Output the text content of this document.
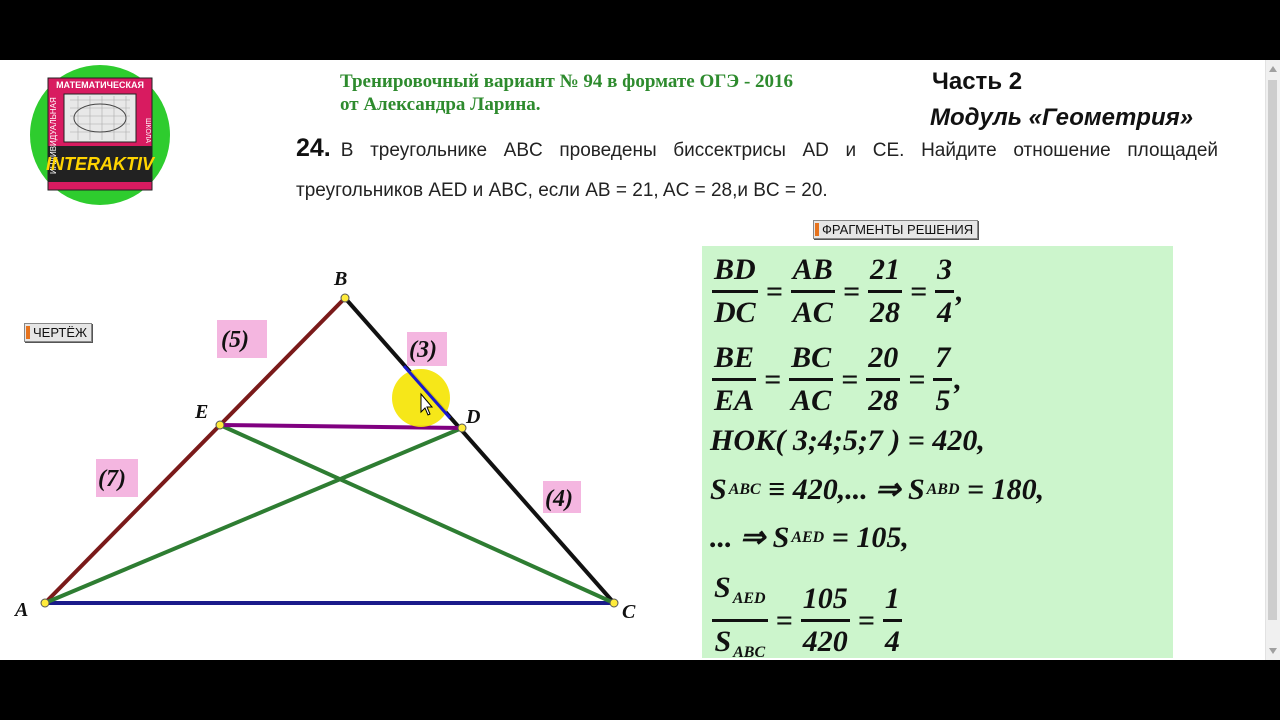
МАТЕМАТИЧЕСКАЯ
ИНДИВИДУАЛЬНАЯ	ШКОЛА
INTERAKTIV
Тренировочный вариант № 94 в формате ОГЭ - 2016
от Александра Ларина.
Часть 2
Модуль «Геометрия»
24. В треугольнике ABC проведены биссектрисы AD и CE. Найдите отношение площадей треугольников AED и ABC, если AB = 21, AC = 28,и BC = 20.
ЧЕРТЁЖ
ФРАГМЕНТЫ РЕШЕНИЯ
A
B
C
D
E
(5)
(7)
(3)
(4)
$\frac{BD}{DC} = \frac{AB}{AC} = \frac{21}{28} = \frac{3}{4}$ ,
$\frac{BE}{EA} = \frac{BC}{AC} = \frac{20}{28} = \frac{7}{5}$ ,
НОК( 3;4;5;7 ) = 420,
S ABC ≡ 420,... ⇒ S ABD = 180,
... ⇒ S AED = 105,
$\frac{S _{AED}}{S _{ABC}} = \frac{105}{420} = \frac{1}{4}$
